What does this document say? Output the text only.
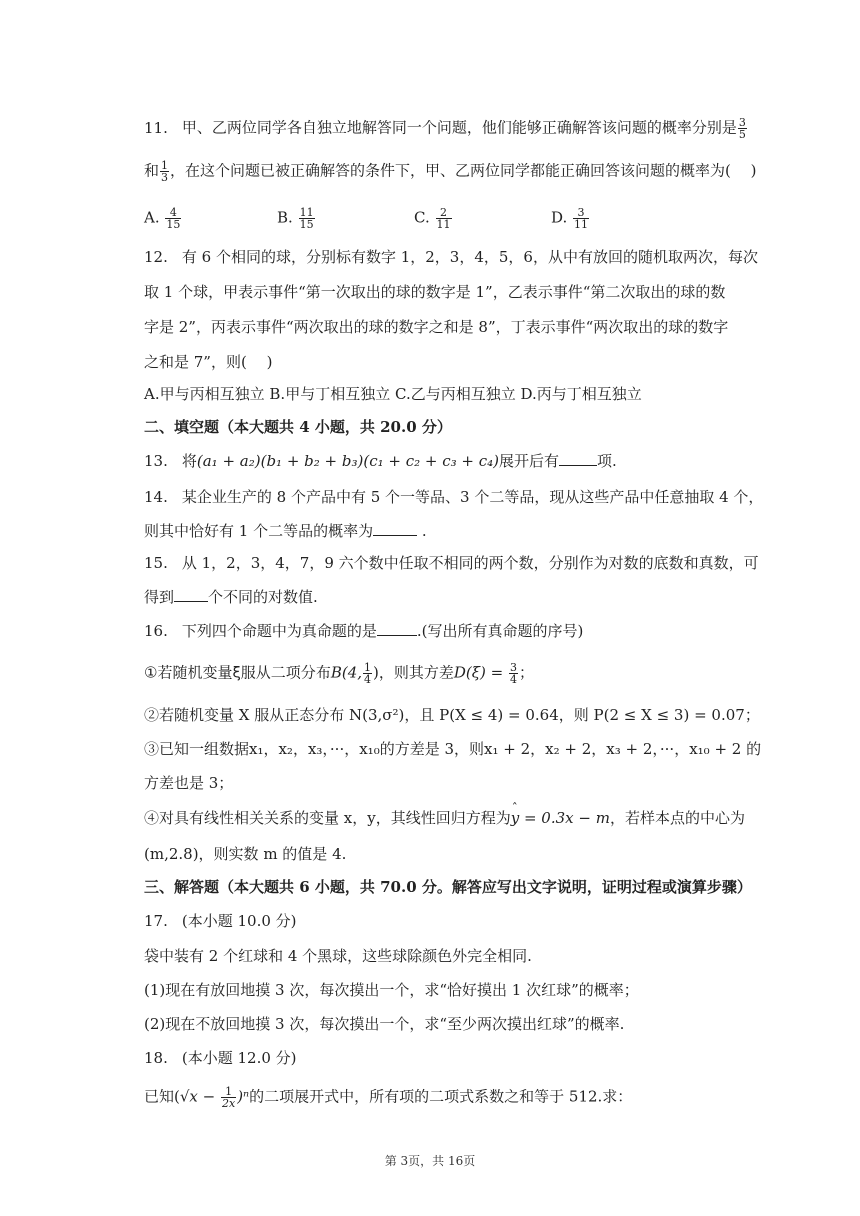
11. 甲、乙两位同学各自独立地解答同一个问题，他们能够正确解答该问题的概率分别是 $\frac{3}{5}$
和 $\frac{1}{3}$ ，在这个问题已被正确解答的条件下，甲、乙两位同学都能正确回答该问题的概率为(　 )
A. $\frac{4}{15}$	B. $\frac{11}{15}$	C. $\frac{2}{11}$	D. $\frac{3}{11}$
12. 有 6 个相同的球，分别标有数字 1，2，3，4，5，6，从中有放回的随机取两次，每次
取 1 个球，甲表示事件“第一次取出的球的数字是 1”，乙表示事件“第二次取出的球的数
字是 2”，丙表示事件“两次取出的球的数字之和是 8”，丁表示事件“两次取出的球的数字
之和是 7”，则(　 )
A.甲与丙相互独立 B.甲与丁相互独立 C.乙与丙相互独立 D.丙与丁相互独立
二、填空题（本大题共 4 小题，共 20.0 分）
13. 将(a₁ + a₂)(b₁ + b₂ + b₃)(c₁ + c₂ + c₃ + c₄)展开后有	项.
14. 某企业生产的 8 个产品中有 5 个一等品、3 个二等品，现从这些产品中任意抽取 4 个，
则其中恰好有 1 个二等品的概率为	.
15. 从 1，2，3，4，7，9 六个数中任取不相同的两个数，分别作为对数的底数和真数，可
得到 个不同的对数值.
16. 下列四个命题中为真命题的是	.(写出所有真命题的序号)
①若随机变量ξ服从二项分布B(4, $\frac{1}{4}$ )，则其方差$D(\xi) = \frac{3}{4}$ ；
②若随机变量 X 服从正态分布 N(3,σ²)，且 P(X ≤ 4) = 0.64，则 P(2 ≤ X ≤ 3) = 0.07；
③已知一组数据x₁，x₂，x₃，···，x₁₀的方差是 3，则x₁ + 2，x₂ + 2，x₃ + 2，···，x₁₀ + 2 的
方差也是 3；
④对具有线性相关关系的变量 x，y，其线性回归方程为ˆ y = 0.3x − m，若样本点的中心为
(m,2.8)，则实数 m 的值是 4.
三、解答题（本大题共 6 小题，共 70.0 分。解答应写出文字说明，证明过程或演算步骤）
17. (本小题 10.0 分)
袋中装有 2 个红球和 4 个黑球，这些球除颜色外完全相同.
(1)现在有放回地摸 3 次，每次摸出一个，求“恰好摸出 1 次红球”的概率；
(2)现在不放回地摸 3 次，每次摸出一个，求“至少两次摸出红球”的概率.
18. (本小题 12.0 分)
已知$(√x - \frac{1}{2x} )^n$的二项展开式中，所有项的二项式系数之和等于 512.求：
第 3页，共 16页
